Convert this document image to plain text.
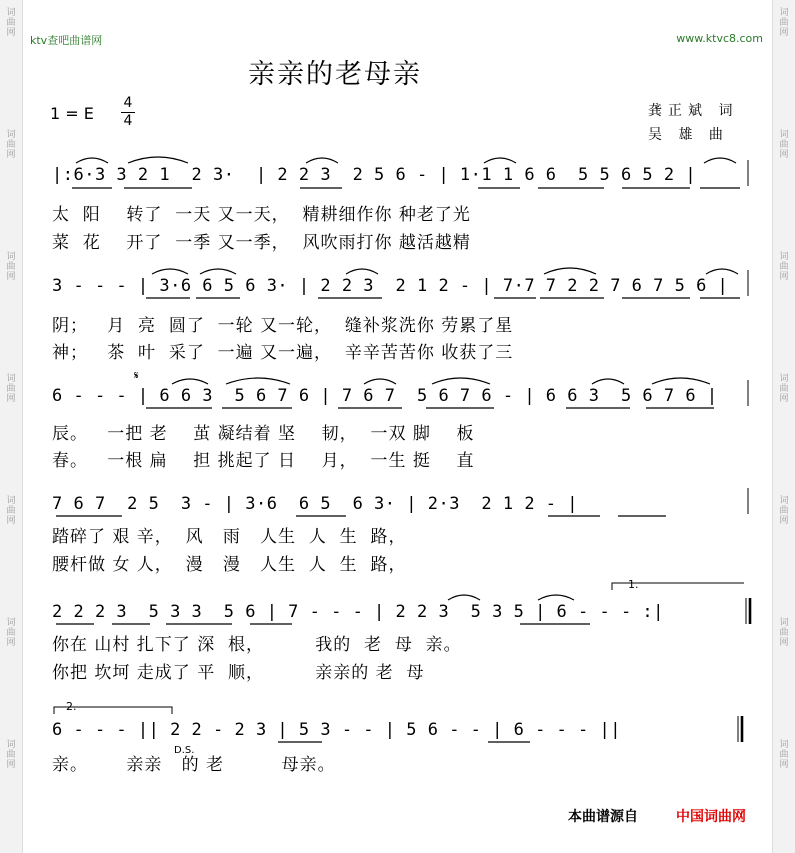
词曲网
词曲网
词曲网
词曲网
词曲网
词曲网
词曲网
词曲网
词曲网
词曲网
词曲网
词曲网
词曲网
词曲网
ktv查吧曲谱网	www.ktvc8.com
亲亲的老母亲
1 = E
4
4
龚正斌 词
吴 雄 曲
|:6·3 3 2 1  2 3·  | 2 2 3  2 5 6 - | 1·1 1 6 6  5 5 6 5 2 |
太  阳    转了  一天 又一天，  精耕细作你 种老了光
菜  花    开了  一季 又一季，  风吹雨打你 越活越精
3 - - - | 3·6 6 5 6 3· | 2 2 3  2 1 2 - | 7·7 7 2 2 7 6 7 5 6 |
阴；   月  亮  圆了  一轮 又一轮，  缝补浆洗你 劳累了星
神；   茶  叶  采了  一遍 又一遍，  辛辛苦苦你 收获了三
𝄋
6 - - - | 6 6 3  5 6 7 6 | 7 6 7  5 6 7 6 - | 6 6 3  5 6 7 6 |
辰。   一把 老    茧 凝结着 坚    韧，  一双 脚    板
春。   一根 扁    担 挑起了 日    月，  一生 挺    直
7 6 7  2 5  3 - | 3·6  6 5  6 3· | 2·3  2 1 2 - |
踏碎了 艰 辛，  风   雨   人生  人  生  路，
腰杆做 女 人，  漫   漫   人生  人  生  路，
1.
2 2 2 3  5 3 3  5 6 | 7 - - - | 2 2 3  5 3 5 | 6 - - - :|
你在 山村 扎下了 深  根，        我的  老  母  亲。
你把 坎坷 走成了 平  顺，        亲亲的 老  母
2.
6 - - - || 2 2 - 2 3 | 5 3 - - | 5 6 - - | 6 - - - ||
D.S.
亲。      亲亲   的 老         母亲。
本曲谱源自	中国词曲网
